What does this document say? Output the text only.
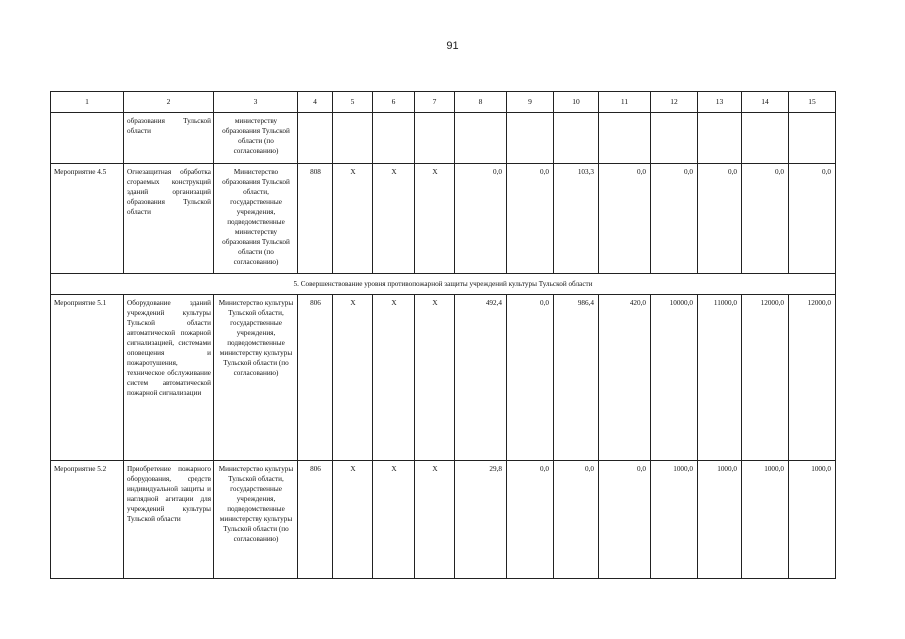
91
1	2	3	4	5	6	7	8	9	10	11	12	13	14	15
	образования Тульской области	министерству образования Тульской области (по согласованию)												
Мероприятие 4.5	Огнезащитная обработка сгораемых конструкций зданий организаций образования Тульской области	Министерство образования Тульской области, государственные учреждения, подведомственные министерству образования Тульской области (по согласованию)	808	Х	Х	Х	0,0	0,0	103,3	0,0	0,0	0,0	0,0	0,0
5. Совершенствование уровня противопожарной защиты учреждений культуры Тульской области														
Мероприятие 5.1	Оборудование зданий учреждений культуры Тульской области автоматической пожарной сигнализацией, системами оповещения и пожаротушения, техническое обслуживание систем автоматической пожарной сигнализации	Министерство культуры Тульской области, государственные учреждения, подведомственные министерству культуры Тульской области (по согласованию)	806	Х	Х	Х	492,4	0,0	986,4	420,0	10000,0	11000,0	12000,0	12000,0
Мероприятие 5.2	Приобретение пожарного оборудования, средств индивидуальной защиты и наглядной агитации для учреждений культуры Тульской области	Министерство культуры Тульской области, государственные учреждения, подведомственные министерству культуры Тульской области (по согласованию)	806	Х	Х	Х	29,8	0,0	0,0	0,0	1000,0	1000,0	1000,0	1000,0
